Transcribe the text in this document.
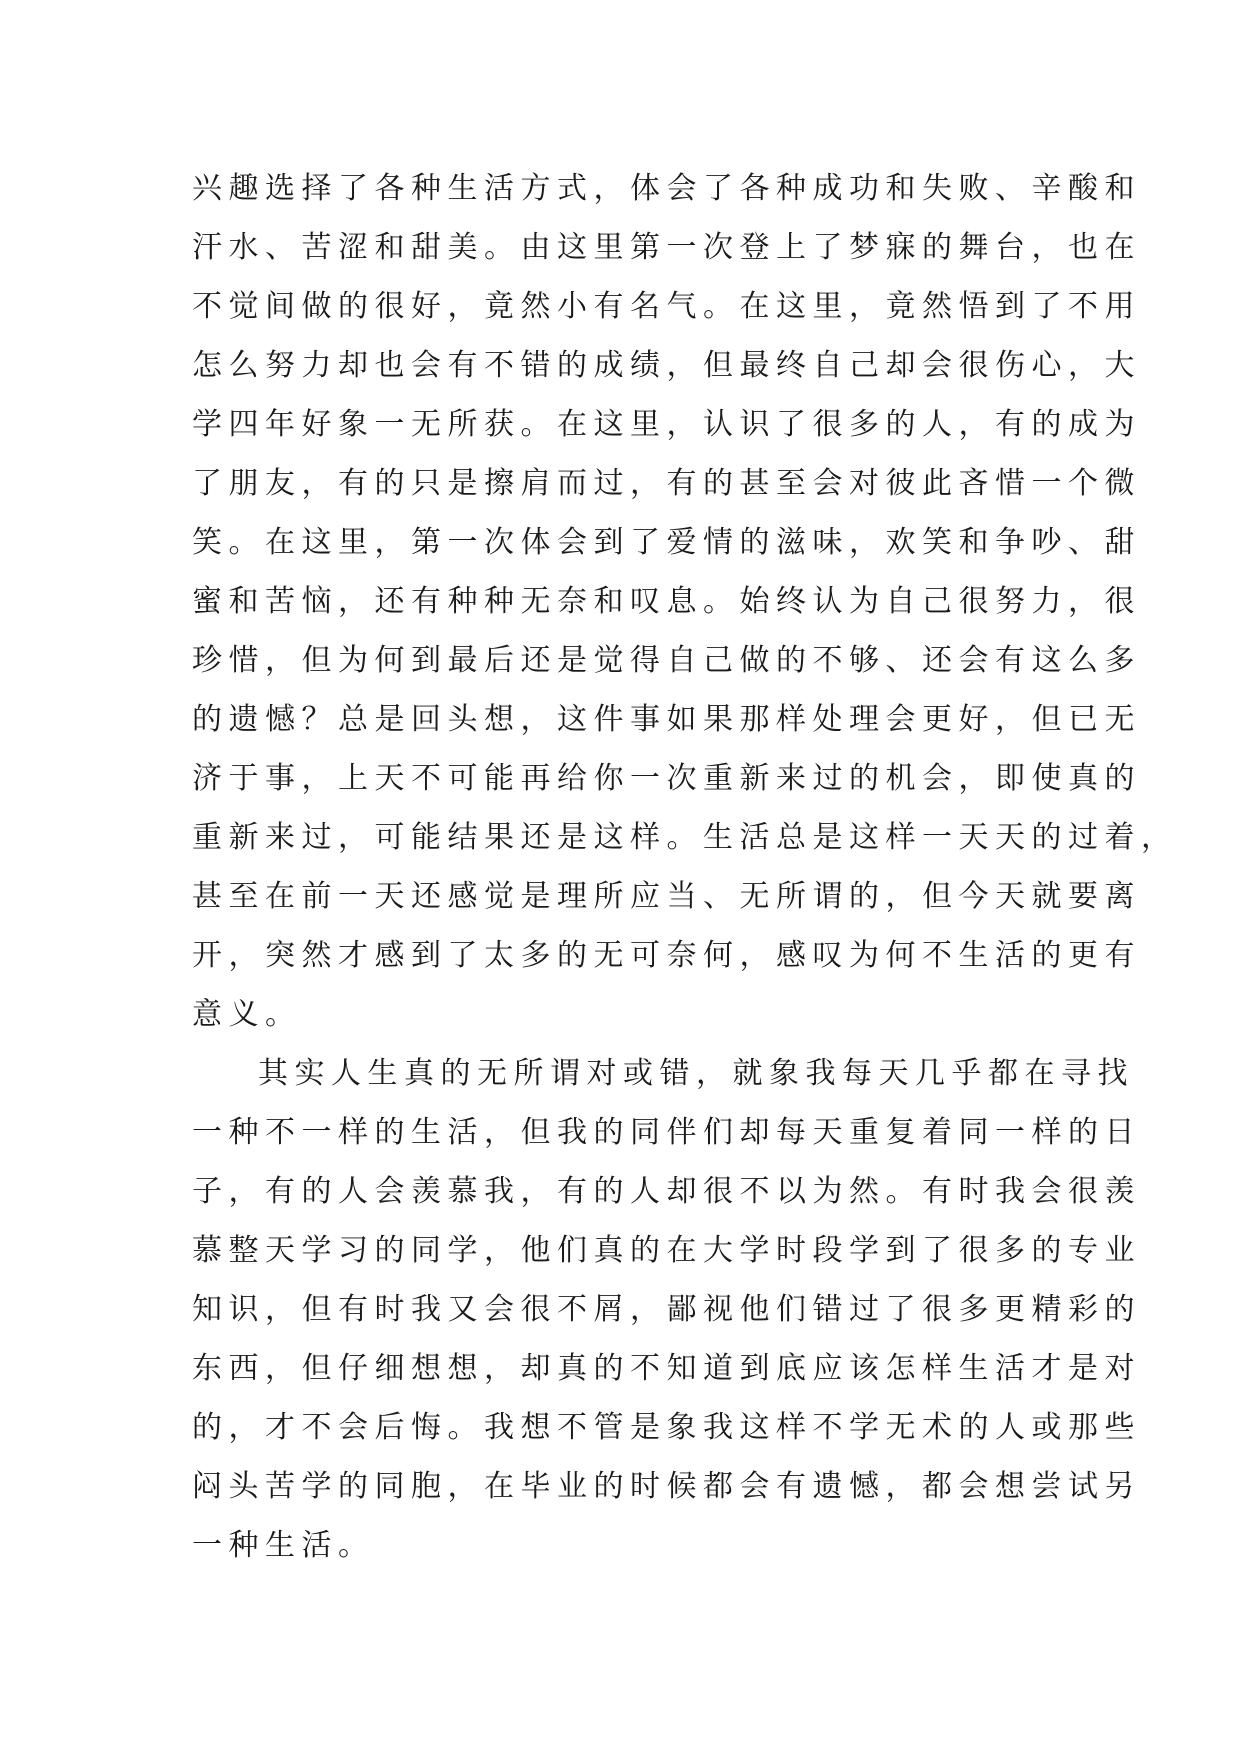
兴趣选择了各种生活方式，体会了各种成功和失败、辛酸和
汗水、苦涩和甜美。由这里第一次登上了梦寐的舞台，也在
不觉间做的很好，竟然小有名气。在这里，竟然悟到了不用
怎么努力却也会有不错的成绩，但最终自己却会很伤心，大
学四年好象一无所获。在这里，认识了很多的人，有的成为
了朋友，有的只是擦肩而过，有的甚至会对彼此吝惜一个微
笑。在这里，第一次体会到了爱情的滋味，欢笑和争吵、甜
蜜和苦恼，还有种种无奈和叹息。始终认为自己很努力，很
珍惜，但为何到最后还是觉得自己做的不够、还会有这么多
的遗憾？总是回头想，这件事如果那样处理会更好，但已无
济于事，上天不可能再给你一次重新来过的机会，即使真的
重新来过，可能结果还是这样。生活总是这样一天天的过着，
甚至在前一天还感觉是理所应当、无所谓的，但今天就要离
开，突然才感到了太多的无可奈何，感叹为何不生活的更有
意义。
其实人生真的无所谓对或错，就象我每天几乎都在寻找
一种不一样的生活，但我的同伴们却每天重复着同一样的日
子，有的人会羡慕我，有的人却很不以为然。有时我会很羡
慕整天学习的同学，他们真的在大学时段学到了很多的专业
知识，但有时我又会很不屑，鄙视他们错过了很多更精彩的
东西，但仔细想想，却真的不知道到底应该怎样生活才是对
的，才不会后悔。我想不管是象我这样不学无术的人或那些
闷头苦学的同胞，在毕业的时候都会有遗憾，都会想尝试另
一种生活。
